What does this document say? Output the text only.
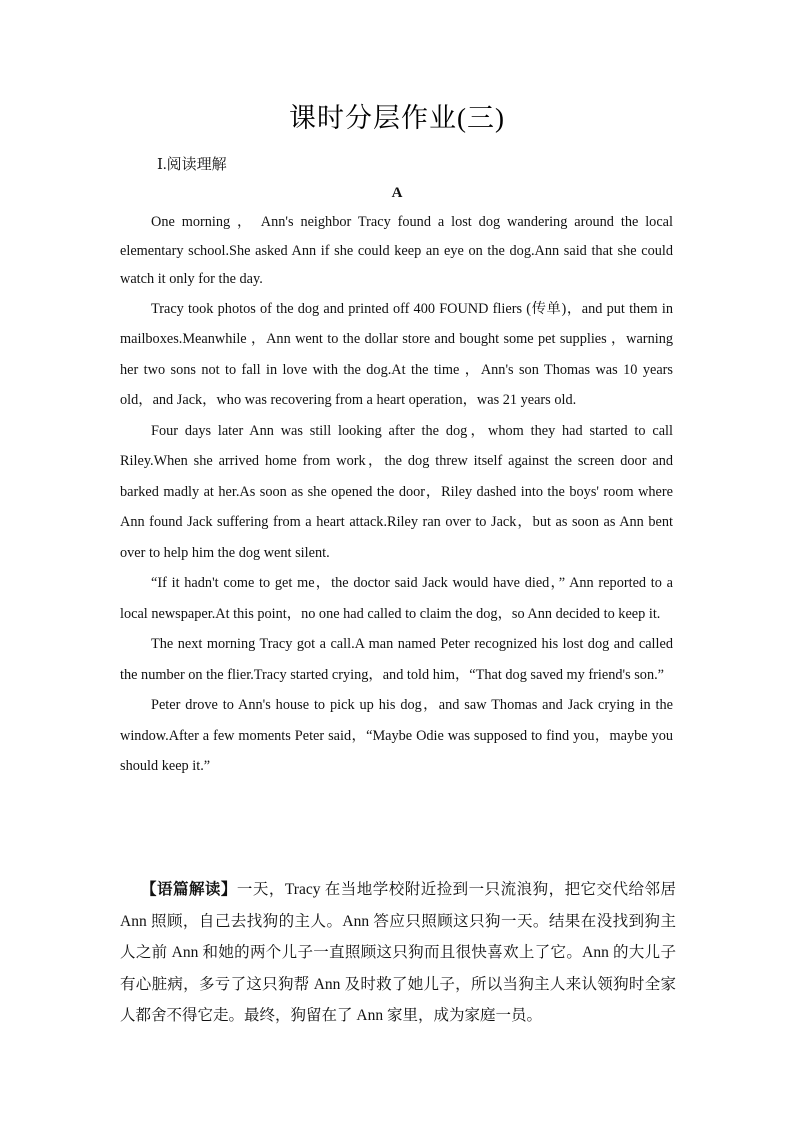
课时分层作业(三)
Ⅰ.阅读理解
A

One morning ， Ann's neighbor Tracy found a lost dog wandering around the local elementary school.She asked Ann if she could keep an eye on the dog.Ann said that she could watch it only for the day.

Tracy took photos of the dog and printed off 400 FOUND fliers (传单)，and put them in mailboxes.Meanwhile ，Ann went to the dollar store and bought some pet supplies ，warning her two sons not to fall in love with the dog.At the time ，Ann's son Thomas was 10 years old，and Jack，who was recovering from a heart operation，was 21 years old.

Four days later Ann was still looking after the dog，whom they had started to call Riley.When she arrived home from work，the dog threw itself against the screen door and barked madly at her.As soon as she opened the door，Riley dashed into the boys' room where Ann found Jack suffering from a heart attack.Riley ran over to Jack，but as soon as Ann bent over to help him the dog went silent.

“If it hadn't come to get me，the doctor said Jack would have died，” Ann reported to a local newspaper.At this point，no one had called to claim the dog，so Ann decided to keep it.

The next morning Tracy got a call.A man named Peter recognized his lost dog and called the number on the flier.Tracy started crying，and told him，“That dog saved my friend's son.”

Peter drove to Ann's house to pick up his dog，and saw Thomas and Jack crying in the window.After a few moments Peter said，“Maybe Odie was supposed to find you，maybe you should keep it.”

【语篇解读】一天，Tracy 在当地学校附近捡到一只流浪狗，把它交代给邻居 Ann 照顾，自己去找狗的主人。Ann 答应只照顾这只狗一天。结果在没找到狗主人之前 Ann 和她的两个儿子一直照顾这只狗而且很快喜欢上了它。Ann 的大儿子有心脏病，多亏了这只狗帮 Ann 及时救了她儿子，所以当狗主人来认领狗时全家人都舍不得它走。最终，狗留在了 Ann 家里，成为家庭一员。
